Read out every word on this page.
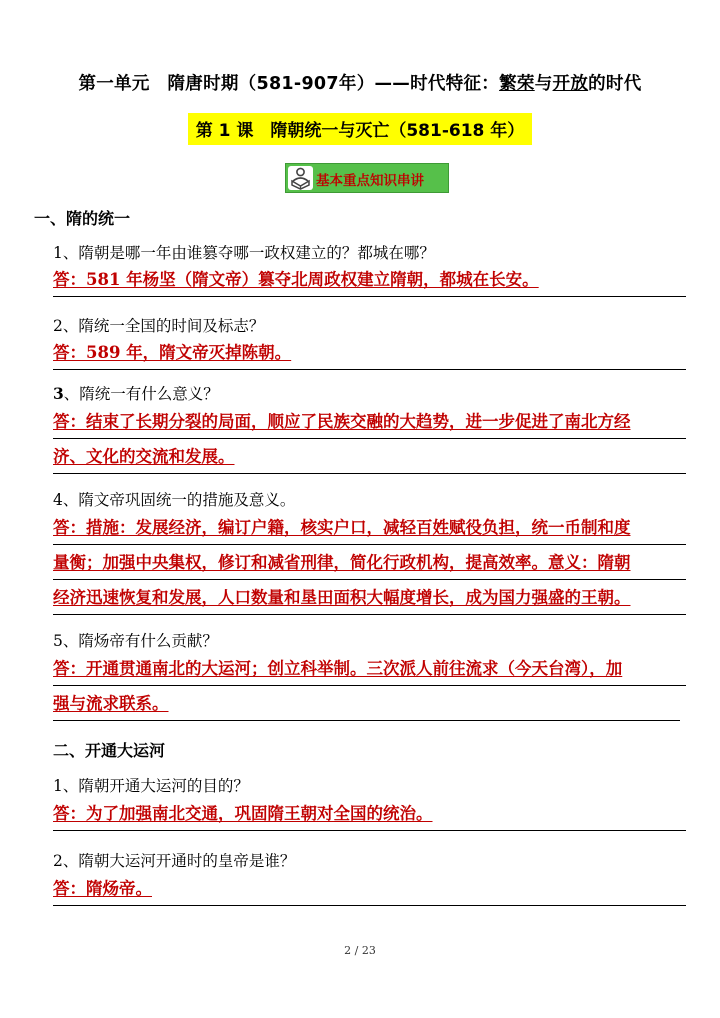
第一单元　隋唐时期（581-907年）——时代特征：繁荣与开放的时代
第 1 课　隋朝统一与灭亡（581-618 年）
基本重点知识串讲
一、隋的统一
1、隋朝是哪一年由谁篡夺哪一政权建立的？都城在哪？
答：581 年杨坚（隋文帝）篡夺北周政权建立隋朝，都城在长安。
2、隋统一全国的时间及标志？
答：589 年，隋文帝灭掉陈朝。
3、隋统一有什么意义？
答：结束了长期分裂的局面，顺应了民族交融的大趋势，进一步促进了南北方经
济、文化的交流和发展。
4、隋文帝巩固统一的措施及意义。
答：措施：发展经济，编订户籍，核实户口，减轻百姓赋役负担，统一币制和度
量衡；加强中央集权，修订和减省刑律，简化行政机构，提高效率。意义：隋朝
经济迅速恢复和发展，人口数量和垦田面积大幅度增长，成为国力强盛的王朝。
5、隋炀帝有什么贡献？
答：开通贯通南北的大运河；创立科举制。三次派人前往流求（今天台湾），加
强与流求联系。
二、开通大运河
1、隋朝开通大运河的目的？
答：为了加强南北交通，巩固隋王朝对全国的统治。
2、隋朝大运河开通时的皇帝是谁？
答：隋炀帝。
2 / 23
